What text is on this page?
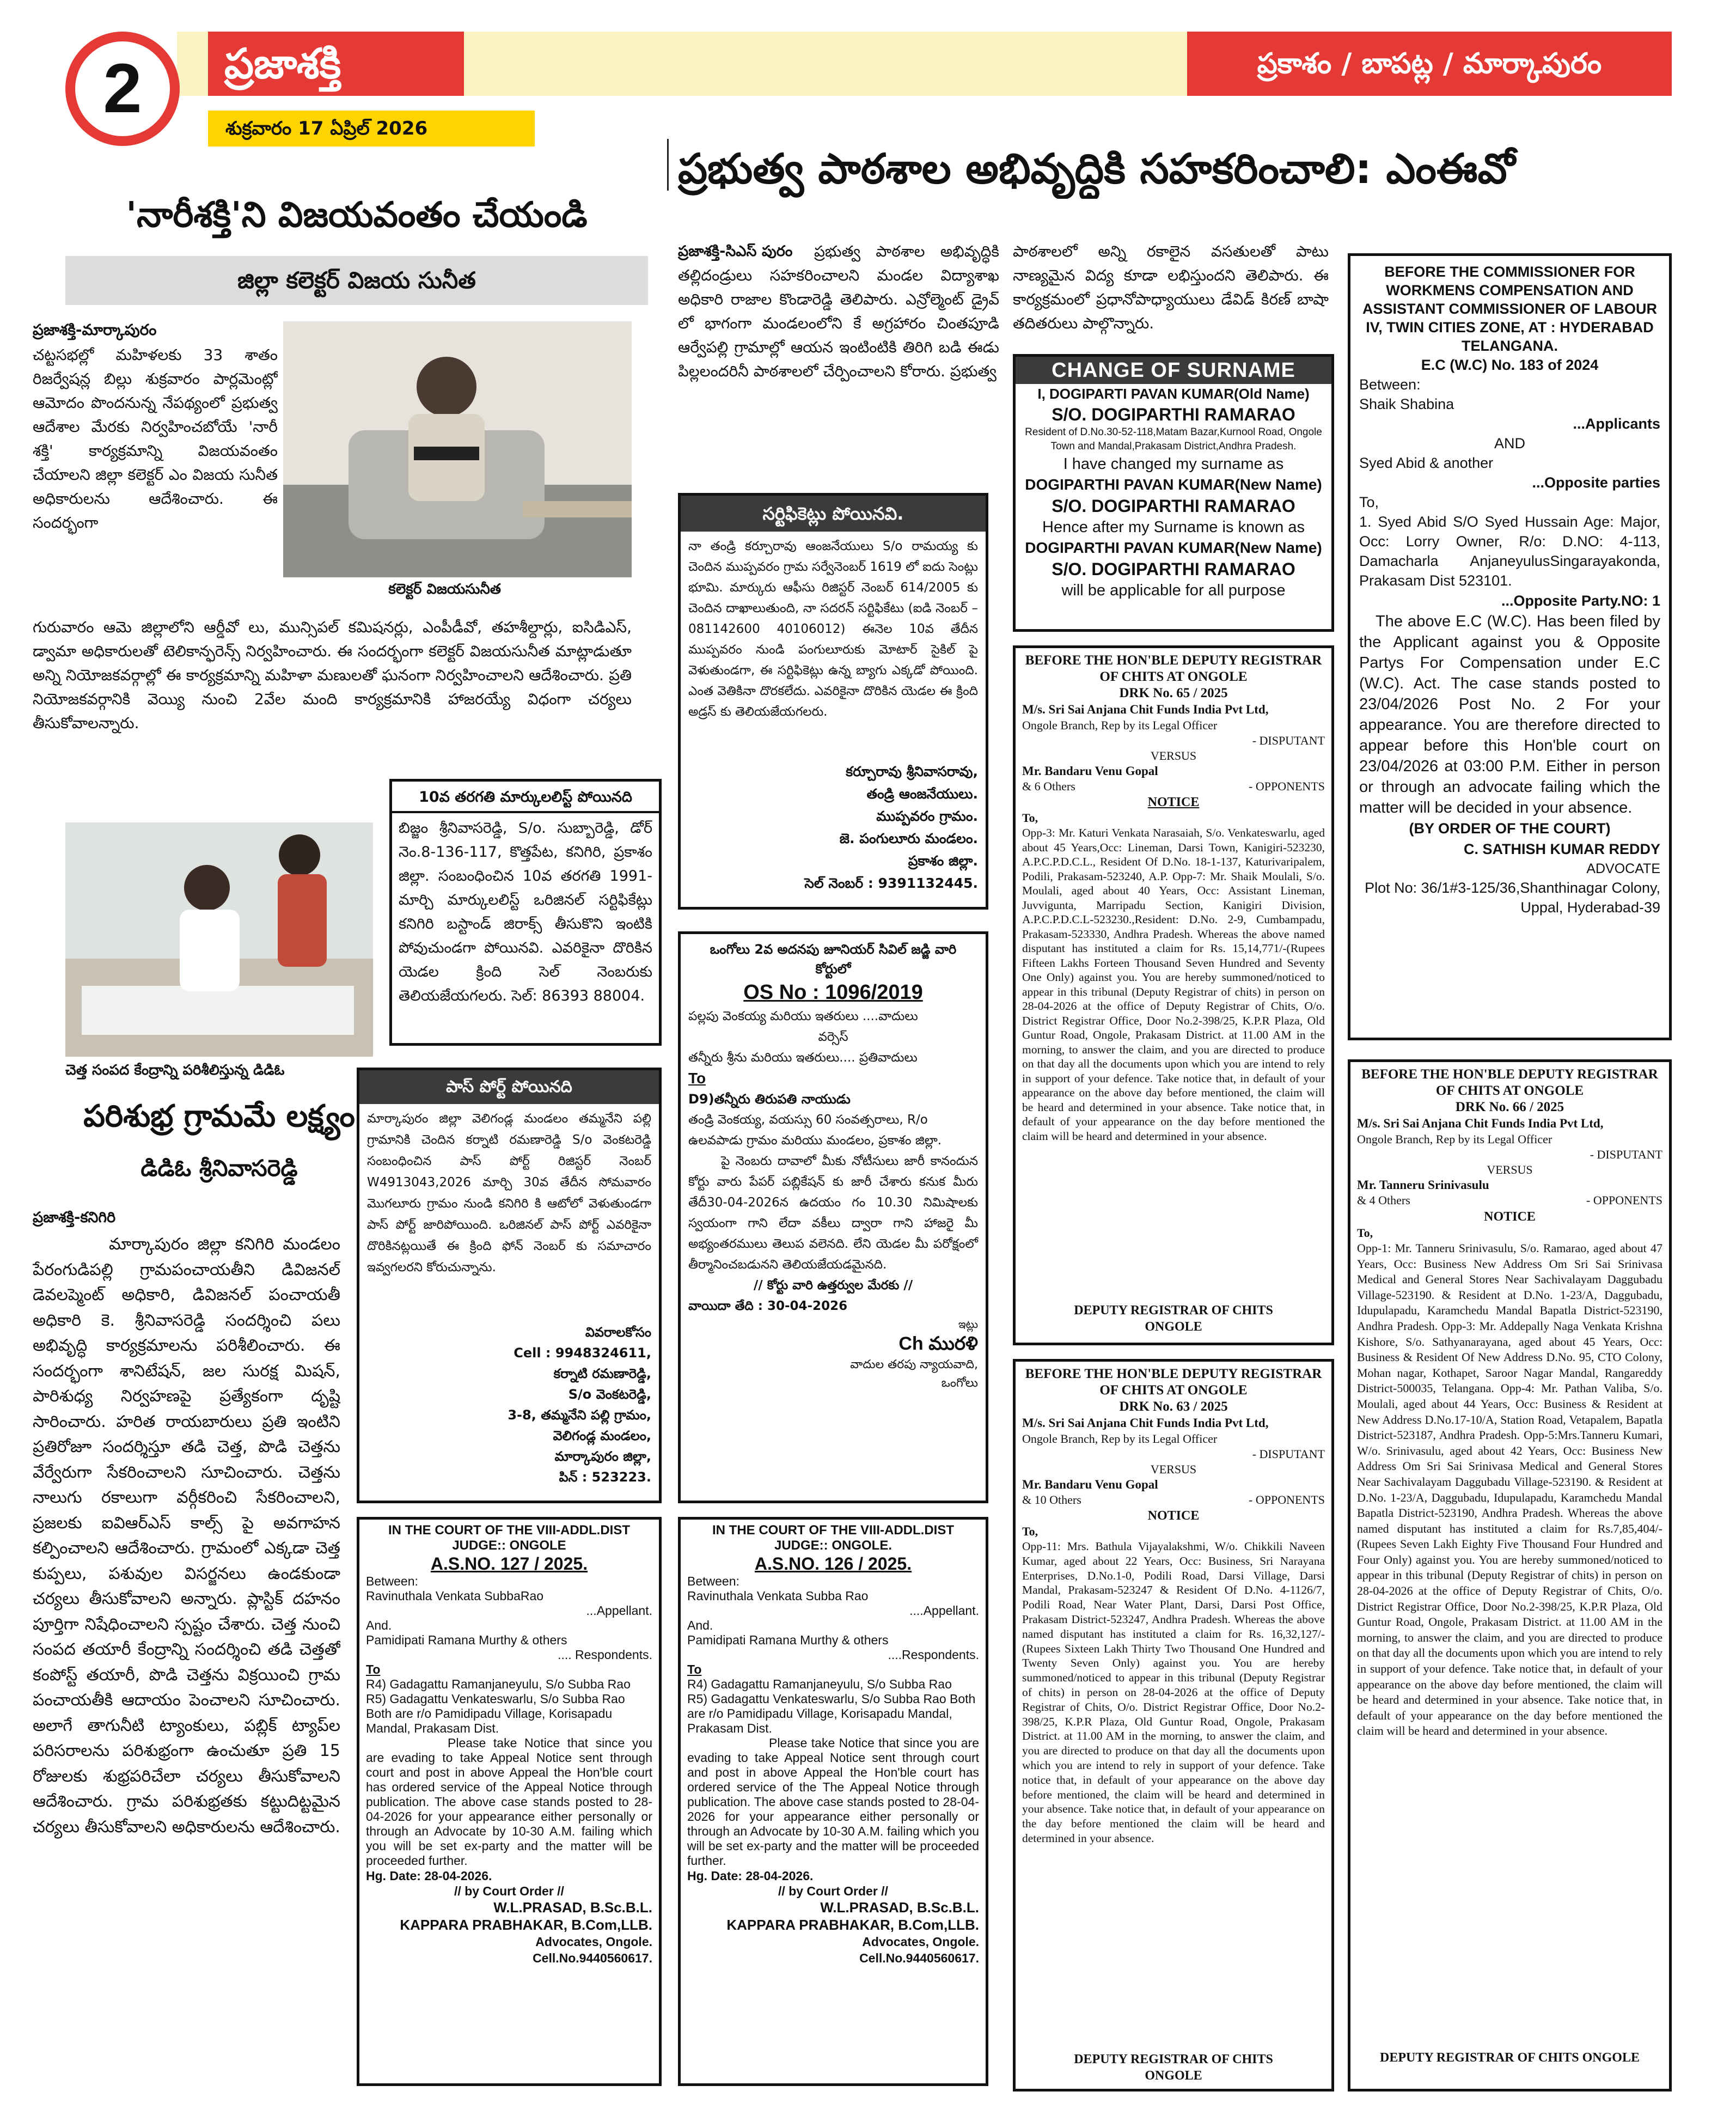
2	ప్రజాశక్తి
శుక్రవారం 17 ఏప్రిల్ 2026
ప్రకాశం / బాపట్ల / మార్కాపురం
'నారీశక్తి'ని విజయవంతం చేయండి
జిల్లా కలెక్టర్ విజయ సునీత
ప్రజాశక్తి-మార్కాపురం
చట్టసభల్లో మహిళలకు 33 శాతం రిజర్వేషన్ల బిల్లు శుక్రవారం పార్లమెంట్లో ఆమోదం పొందనున్న నేపథ్యంలో ప్రభుత్వ ఆదేశాల మేరకు నిర్వహించబోయే 'నారీ శక్తి' కార్యక్రమాన్ని విజయవంతం చేయాలని జిల్లా కలెక్టర్ ఎం విజయ సునీత అధికారులను ఆదేశించారు. ఈ సందర్భంగా
కలెక్టర్ విజయసునీత
గురువారం ఆమె జిల్లాలోని ఆర్డీవో లు, మున్సిపల్ కమిషనర్లు, ఎంపీడీవో, తహశీల్దార్లు, ఐసిడిఎస్, డ్వామా అధికారులతో టెలికాన్ఫరెన్స్ నిర్వహించారు. ఈ సందర్భంగా కలెక్టర్ విజయసునీత మాట్లాడుతూ అన్ని నియోజకవర్గాల్లో ఈ కార్యక్రమాన్ని మహిళా మణులతో ఘనంగా నిర్వహించాలని ఆదేశించారు. ప్రతి నియోజకవర్గానికి వెయ్యి నుంచి 2వేల మంది కార్యక్రమానికి హాజరయ్యే విధంగా చర్యలు తీసుకోవాలన్నారు.
ప్రభుత్వ పాఠశాల అభివృద్ధికి సహకరించాలి: ఎంఈవో
ప్రజాశక్తి-సిఎస్ పురం	ప్రభుత్వ పాఠశాల అభివృద్ధికి తల్లిదండ్రులు సహకరించాలని మండల విద్యాశాఖ అధికారి రాజాల కొండారెడ్డి తెలిపారు. ఎన్రోల్మెంట్ డ్రైవ్ లో భాగంగా మండలంలోని కే అగ్రహారం చింతపూడి ఆర్వేపల్లి గ్రామాల్లో ఆయన ఇంటింటికి తిరిగి బడి ఈడు పిల్లలందరినీ పాఠశాలలో చేర్పించాలని కోరారు. ప్రభుత్వ
పాఠశాలలో అన్ని రకాలైన వసతులతో పాటు నాణ్యమైన విద్య కూడా లభిస్తుందని తెలిపారు. ఈ కార్యక్రమంలో ప్రధానోపాధ్యాయులు డేవిడ్ కిరణ్ బాషా తదితరులు పాల్గొన్నారు.
సర్టిఫికెట్లు పోయినవి.
నా తండ్రి కర్చూరావు ఆంజనేయులు S/o రామయ్య కు చెందిన ముప్పవరం గ్రామ సర్వేనెంబర్ 1619 లో ఐదు సెంట్లు భూమి. మార్కురు ఆఫీసు రిజిస్టర్ నెంబర్ 614/2005 కు చెందిన దాఖాలుతుంది, నా సదరన్ సర్టిఫికేటు (ఐడి నెంబర్ – 081142600 40106012) ఈనెల 10వ తేదీన ముప్పవరం నుండి పంగులూరుకు మోటార్ సైకిల్ పై వెళుతుండగా, ఈ సర్టిఫికెట్లు ఉన్న బ్యాగు ఎక్కడో పోయింది. ఎంత వెతికినా దొరకలేదు. ఎవరికైనా దొరికిన యెడల ఈ క్రింది అడ్రస్ కు తెలియజేయగలరు.
కర్చూరావు శ్రీనివాసరావు,
తండ్రి ఆంజనేయులు.
ముప్పవరం గ్రామం.
జె. పంగులూరు మండలం.
ప్రకాశం జిల్లా.
సెల్ నెంబర్ : 9391132445.
10వ తరగతి మార్కులలిస్ట్ పోయినది
బిజ్జం శ్రీనివాసరెడ్డి, S/o. సుబ్బారెడ్డి, డోర్ నెం.8-136-117, కొత్తపేట, కనిగిరి, ప్రకాశం జిల్లా. సంబంధించిన 10వ తరగతి 1991-మార్చి మార్కులలిస్ట్ ఒరిజినల్ సర్టిఫికేట్లు కనిగిరి బస్టాండ్ జిరాక్స్ తీసుకొని ఇంటికి పోవుచుండగా పోయినవి. ఎవరికైనా దొరికిన యెడల క్రింది సెల్ నెంబరుకు తెలియజేయగలరు. సెల్: 86393 88004.
చెత్త సంపద కేంద్రాన్ని పరిశీలిస్తున్న డిడిఓ
పరిశుభ్ర గ్రామమే లక్ష్యం
డిడిఓ శ్రీనివాసరెడ్డి
ప్రజాశక్తి-కనిగిరి
మార్కాపురం జిల్లా కనిగిరి మండలం పేరంగుడిపల్లి గ్రామపంచాయతీని డివిజనల్ డెవలప్మెంట్ అధికారి, డివిజనల్ పంచాయతీ అధికారి కె. శ్రీనివాసరెడ్డి సందర్శించి పలు అభివృద్ధి కార్యక్రమాలను పరిశీలించారు. ఈ సందర్భంగా శానిటేషన్, జల సురక్ష మిషన్, పారిశుధ్య నిర్వహణపై ప్రత్యేకంగా దృష్టి సారించారు. హరిత రాయబారులు ప్రతి ఇంటిని ప్రతిరోజూ సందర్శిస్తూ తడి చెత్త, పొడి చెత్తను వేర్వేరుగా సేకరించాలని సూచించారు. చెత్తను నాలుగు రకాలుగా వర్గీకరించి సేకరించాలని, ప్రజలకు ఐవిఆర్ఎస్ కాల్స్ పై అవగాహన కల్పించాలని ఆదేశించారు. గ్రామంలో ఎక్కడా చెత్త కుప్పలు, పశువుల విసర్జనలు ఉండకుండా చర్యలు తీసుకోవాలని అన్నారు. ప్లాస్టిక్ దహనం పూర్తిగా నిషేధించాలని స్పష్టం చేశారు. చెత్త నుంచి సంపద తయారీ కేంద్రాన్ని సందర్శించి తడి చెత్తతో కంపోస్ట్ తయారీ, పొడి చెత్తను విక్రయించి గ్రామ పంచాయతీకి ఆదాయం పెంచాలని సూచించారు. అలాగే తాగునీటి ట్యాంకులు, పబ్లిక్ ట్యాప్‌ల పరిసరాలను పరిశుభ్రంగా ఉంచుతూ ప్రతి 15 రోజులకు శుభ్రపరిచేలా చర్యలు తీసుకోవాలని ఆదేశించారు. గ్రామ పరిశుభ్రతకు కట్టుదిట్టమైన చర్యలు తీసుకోవాలని అధికారులను ఆదేశించారు.
పాస్ పోర్ట్ పోయినది
మార్కాపురం జిల్లా వెలిగండ్ల మండలం తమ్మనేని పల్లి గ్రామానికి చెందిన కర్నాటి రమణారెడ్డి S/o వెంకటరెడ్డి సంబంధించిన పాస్ పోర్ట్ రిజిస్టర్ నెంబర్ W4913043,2026 మార్చి 30వ తేదీన సోమవారం మొగలూరు గ్రామం నుండి కనిగిరి కి ఆటోలో వెళుతుండగా పాస్ పోర్ట్ జారిపోయింది. ఒరిజినల్ పాస్ పోర్ట్ ఎవరికైనా దొరికినట్లయితే ఈ క్రింది ఫోన్ నెంబర్ కు సమాచారం ఇవ్వగలరని కోరుచున్నాను.
వివరాలకోసం
Cell : 9948324611,
కర్నాటి రమణారెడ్డి,
S/o వెంకటరెడ్డి,
3-8, తమ్మనేని పల్లి గ్రామం,
వెలిగండ్ల మండలం,
మార్కాపురం జిల్లా,
పిన్ : 523223.
ఒంగోలు 2వ అదనపు జూనియర్ సివిల్ జడ్జి వారి
కోర్టులో
OS No : 1096/2019
పల్లపు వెంకయ్య మరియు ఇతరులు ....వాదులు
వర్సెస్
తన్నీరు శ్రీను మరియు ఇతరులు.... ప్రతివాదులు
To
D9)తన్నీరు తిరుపతి నాయుడు
తండ్రి వెంకయ్య, వయస్సు 60 సంవత్సరాలు, R/o ఉలవపాడు గ్రామం మరియు మండలం, ప్రకాశం జిల్లా.
పై నెంబరు దావాలో మీకు నోటీసులు జారీ కానందున కోర్టు వారు పేపర్ పబ్లికేషన్ కు జారీ చేశారు కనుక మీరు తేదీ30-04-2026న ఉదయం గం 10.30 నిమిషాలకు స్వయంగా గాని లేదా వకీలు ద్వారా గాని హాజరై మీ అభ్యంతరములు తెలుప వలెనది. లేని యెడల మీ పరోక్షంలో తీర్మానించబడునని తెలియజేయడమైనది.
// కోర్టు వారి ఉత్తర్వుల మేరకు //
వాయిదా తేది : 30-04-2026
ఇట్లు
Ch మురళి
వాదుల తరపు న్యాయవాది,
ఒంగోలు
CHANGE OF SURNAME
I, DOGIPARTI PAVAN KUMAR(Old Name)
S/O. DOGIPARTHI RAMARAO
Resident of D.No.30-52-118,Matam Bazar,Kurnool Road, Ongole Town and Mandal,Prakasam District,Andhra Pradesh.
I have changed my surname as
DOGIPARTHI PAVAN KUMAR(New Name)
S/O. DOGIPARTHI RAMARAO
Hence after my Surname is known as
DOGIPARTHI PAVAN KUMAR(New Name)
S/O. DOGIPARTHI RAMARAO
will be applicable for all purpose
BEFORE THE HON'BLE DEPUTY REGISTRAR OF CHITS AT ONGOLE
DRK No. 65 / 2025
M/s. Sri Sai Anjana Chit Funds India Pvt Ltd,
Ongole Branch, Rep by its Legal Officer
- DISPUTANT
VERSUS
Mr. Bandaru Venu Gopal
& 6 Others	- OPPONENTS
NOTICE
To,
Opp-3: Mr. Katuri Venkata Narasaiah, S/o. Venkateswarlu, aged about 45 Years,Occ: Lineman, Darsi Town, Kanigiri-523230, A.P.C.P.D.C.L., Resident Of D.No. 18-1-137, Katurivaripalem, Podili, Prakasam-523240, A.P. Opp-7: Mr. Shaik Moulali, S/o. Moulali, aged about 40 Years, Occ: Assistant Lineman, Juvviguntа, Marripadu Section, Kanigiri Division, A.P.C.P.D.C.L-523230.,Resident: D.No. 2-9, Cumbampadu, Prakasam-523330, Andhra Pradesh. Whereas the above named disputant has instituted a claim for Rs. 15,14,771/-(Rupees Fifteen Lakhs Forteen Thousand Seven Hundred and Seventy One Only) against you. You are hereby summoned/noticed to appear in this tribunal (Deputy Registrar of chits) in person on 28-04-2026 at the office of Deputy Registrar of Chits, O/o. District Registrar Office, Door No.2-398/25, K.P.R Plaza, Old Guntur Road, Ongole, Prakasam District. at 11.00 AM in the morning, to answer the claim, and you are directed to produce on that day all the documents upon which you are intend to rely in support of your defence. Take notice that, in default of your appearance on the above day before mentioned, the claim will be heard and determined in your absence. Take notice that, in default of your appearance on the day before mentioned the claim will be heard and determined in your absence.
DEPUTY REGISTRAR OF CHITS ONGOLE
BEFORE THE HON'BLE DEPUTY REGISTRAR OF CHITS AT ONGOLE
DRK No. 63 / 2025
M/s. Sri Sai Anjana Chit Funds India Pvt Ltd,
Ongole Branch, Rep by its Legal Officer
- DISPUTANT
VERSUS
Mr. Bandaru Venu Gopal
& 10 Others	- OPPONENTS
NOTICE
To,
Opp-11: Mrs. Bathula Vijayalakshmi, W/o. Chikkili Naveen Kumar, aged about 22 Years, Occ: Business, Sri Narayana Enterprises, D.No.1-0, Podili Road, Darsi Village, Darsi Mandal, Prakasam-523247 & Resident Of D.No. 4-1126/7, Podili Road, Near Water Plant, Darsi, Darsi Post Office, Prakasam District-523247, Andhra Pradesh. Whereas the above named disputant has instituted a claim for Rs. 16,32,127/-(Rupees Sixteen Lakh Thirty Two Thousand One Hundred and Twenty Seven Only) against you. You are hereby summoned/noticed to appear in this tribunal (Deputy Registrar of chits) in person on 28-04-2026 at the office of Deputy Registrar of Chits, O/o. District Registrar Office, Door No.2-398/25, K.P.R Plaza, Old Guntur Road, Ongole, Prakasam District. at 11.00 AM in the morning, to answer the claim, and you are directed to produce on that day all the documents upon which you are intend to rely in support of your defence. Take notice that, in default of your appearance on the above day before mentioned, the claim will be heard and determined in your absence. Take notice that, in default of your appearance on the day before mentioned the claim will be heard and determined in your absence.
DEPUTY REGISTRAR OF CHITS ONGOLE
BEFORE THE COMMISSIONER FOR WORKMENS COMPENSATION AND ASSISTANT COMMISSIONER OF LABOUR IV, TWIN CITIES ZONE, AT : HYDERABAD TELANGANA.
E.C (W.C) No. 183 of 2024
Between:
Shaik Shabina
...Applicants
AND
Syed Abid & another
...Opposite parties
To,
1. Syed Abid S/O Syed Hussain Age: Major, Occ: Lorry Owner, R/o: D.NO: 4-113, Damacharla AnjaneyulusSingarayakonda, Prakasam Dist 523101.
...Opposite Party.NO: 1
The above E.C (W.C). Has been filed by the Applicant against you & Opposite Partys For Compensation under E.C (W.C). Act. The case stands posted to 23/04/2026 Post No. 2 For your appearance. You are therefore directed to appear before this Hon'ble court on 23/04/2026 at 03:00 P.M. Either in person or through an advocate failing which the matter will be decided in your absence.
(BY ORDER OF THE COURT)
C. SATHISH KUMAR REDDY
ADVOCATE
Plot No: 36/1#3-125/36,Shanthinagar Colony, Uppal, Hyderabad-39
BEFORE THE HON'BLE DEPUTY REGISTRAR OF CHITS AT ONGOLE
DRK No. 66 / 2025
M/s. Sri Sai Anjana Chit Funds India Pvt Ltd,
Ongole Branch, Rep by its Legal Officer
- DISPUTANT
VERSUS
Mr. Tanneru Srinivasulu
& 4 Others	- OPPONENTS
NOTICE
To,
Opp-1: Mr. Tanneru Srinivasulu, S/o. Ramarao, aged about 47 Years, Occ: Business New Address Om Sri Sai Srinivasa Medical and General Stores Near Sachivalayam Daggubadu Village-523190. & Resident at D.No. 1-23/A, Daggubadu, Idupulapadu, Karamchedu Mandal Bapatla District-523190, Andhra Pradesh. Opp-3: Mr. Addepally Naga Venkata Krishna Kishore, S/o. Sathyanarayana, aged about 45 Years, Occ: Business & Resident Of New Address D.No. 95, CTO Colony, Mohan nagar, Kothapet, Saroor Nagar Mandal, Rangareddy District-500035, Telangana. Opp-4: Mr. Pathan Valiba, S/o. Moulali, aged about 44 Years, Occ: Business & Resident at New Address D.No.17-10/A, Station Road, Vetapalem, Bapatla District-523187, Andhra Pradesh. Opp-5:Mrs.Tanneru Kumari, W/o. Srinivasulu, aged about 42 Years, Occ: Business New Address Om Sri Sai Srinivasa Medical and General Stores Near Sachivalayam Daggubadu Village-523190. & Resident at D.No. 1-23/A, Daggubadu, Idupulapadu, Karamchedu Mandal Bapatla District-523190, Andhra Pradesh. Whereas the above named disputant has instituted a claim for Rs.7,85,404/-(Rupees Seven Lakh Eighty Five Thousand Four Hundred and Four Only) against you. You are hereby summoned/noticed to appear in this tribunal (Deputy Registrar of chits) in person on 28-04-2026 at the office of Deputy Registrar of Chits, O/o. District Registrar Office, Door No.2-398/25, K.P.R Plaza, Old Guntur Road, Ongole, Prakasam District. at 11.00 AM in the morning, to answer the claim, and you are directed to produce on that day all the documents upon which you are intend to rely in support of your defence. Take notice that, in default of your appearance on the above day before mentioned, the claim will be heard and determined in your absence. Take notice that, in default of your appearance on the day before mentioned the claim will be heard and determined in your absence.
DEPUTY REGISTRAR OF CHITS ONGOLE
IN THE COURT OF THE VIII-ADDL.DIST JUDGE:: ONGOLE
A.S.NO. 127 / 2025.
Between:
Ravinuthala Venkata SubbaRao
...Appellant.
And.
Pamidipati Ramana Murthy & others
.... Respondents.
To
R4) Gadagattu Ramanjaneyulu, S/o Subba Rao
R5) Gadagattu Venkateswarlu, S/o Subba Rao Both are r/o Pamidipadu Village, Korisapadu Mandal, Prakasam Dist.
Please take Notice that since you are evading to take Appeal Notice sent through court and post in above Appeal the Hon'ble court has ordered service of the Appeal Notice through publication. The above case stands posted to 28-04-2026 for your appearance either personally or through an Advocate by 10-30 A.M. failing which you will be set ex-party and the matter will be proceeded further.
Hg. Date: 28-04-2026.
// by Court Order //
W.L.PRASAD, B.Sc.B.L.
KAPPARA PRABHAKAR, B.Com,LLB.
Advocates, Ongole.
Cell.No.9440560617.
IN THE COURT OF THE VIII-ADDL.DIST JUDGE:: ONGOLE.
A.S.NO. 126 / 2025.
Between:
Ravinuthala Venkata Subba Rao
....Appellant.
And.
Pamidipati Ramana Murthy & others
....Respondents.
To
R4) Gadagattu Ramanjaneyulu, S/o Subba Rao
R5) Gadagattu Venkateswarlu, S/o Subba Rao Both are r/o Pamidipadu Village, Korisapadu Mandal, Prakasam Dist.
Please take Notice that since you are evading to take Appeal Notice sent through court and post in above Appeal the Hon'ble court has ordered service of the The Appeal Notice through publication. The above case stands posted to 28-04-2026 for your appearance either personally or through an Advocate by 10-30 A.M. failing which you will be set ex-party and the matter will be proceeded further.
Hg. Date: 28-04-2026.
// by Court Order //
W.L.PRASAD, B.Sc.B.L.
KAPPARA PRABHAKAR, B.Com,LLB.
Advocates, Ongole.
Cell.No.9440560617.
